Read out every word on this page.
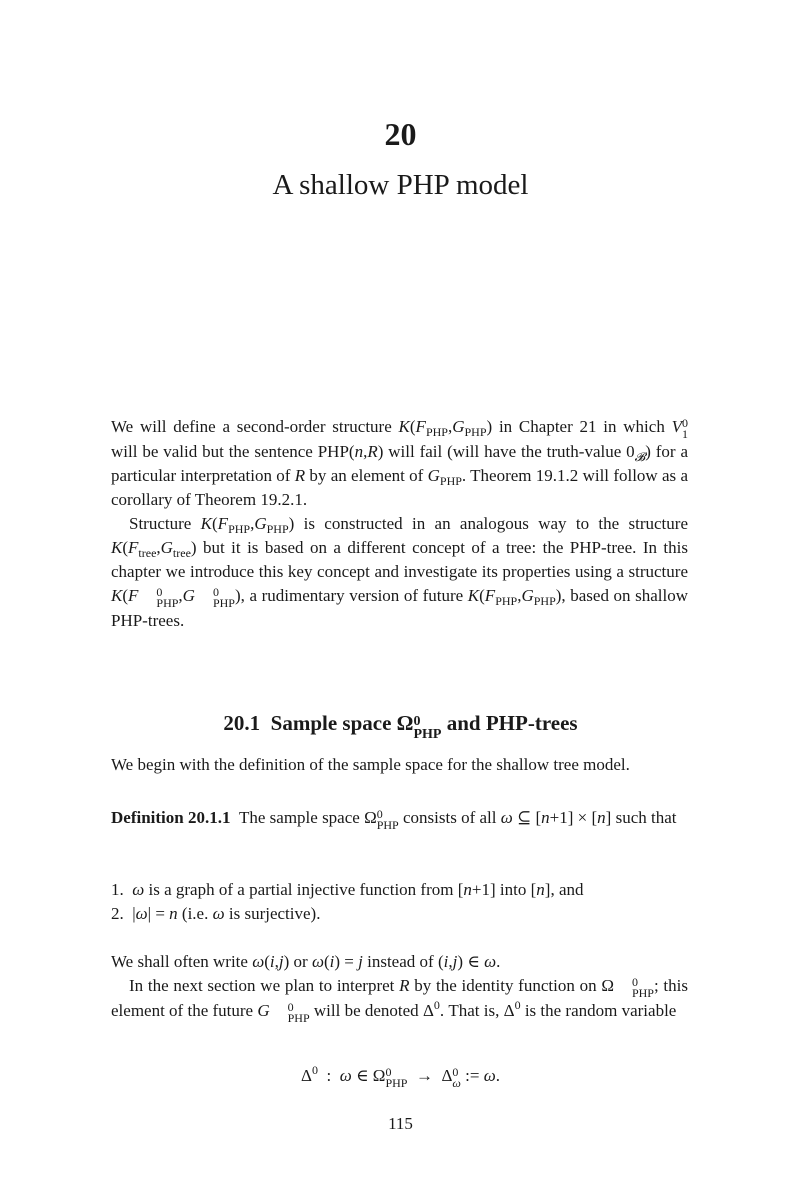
20
A shallow PHP model

We will define a second-order structure $K(F_{PHP},G_{PHP})$ in Chapter 21 in which V 0
1
will be valid but the sentence PHP(n,R) will fail (will have the truth-value $0_𝓑$) for a particular interpretation of R by an element of $G_{PHP}$. Theorem 19.1.2 will follow as a corollary of Theorem 19.2.1.

Structure $K(F_{PHP},G_{PHP})$ is constructed in an analogous way to the structure $K(F_{tree},G_{tree})$ but it is based on a different concept of a tree: the PHP-tree. In this chapter we introduce this key concept and investigate its properties using a structure K(F	0
PHP ,G	0
PHP ), a rudimentary version of future $K(F_{PHP},G_{PHP})$, based on shallow PHP-trees.

20.1 Sample space Ω 0
PHP and PHP-trees
We begin with the definition of the sample space for the shallow tree model.

Definition 20.1.1 The sample space Ω 0
PHP consists of all ω ⊆ [n+1] × [n] such that

1. ω is a graph of a partial injective function from [n+1] into [n], and

2.  |ω| = n (i.e. ω is surjective).

We shall often write ω(i,j) or ω(i) = j instead of (i,j) ∈ ω.

In the next section we plan to interpret R by the identity function on Ω	0
PHP ; this element of the future G	0
PHP will be denoted $\Delta^0$. That is, $\Delta^0$ is the random variable

$\Delta^0$  :  ω ∈ Ω 0
PHP →  Δ 0
ω := ω.
115
